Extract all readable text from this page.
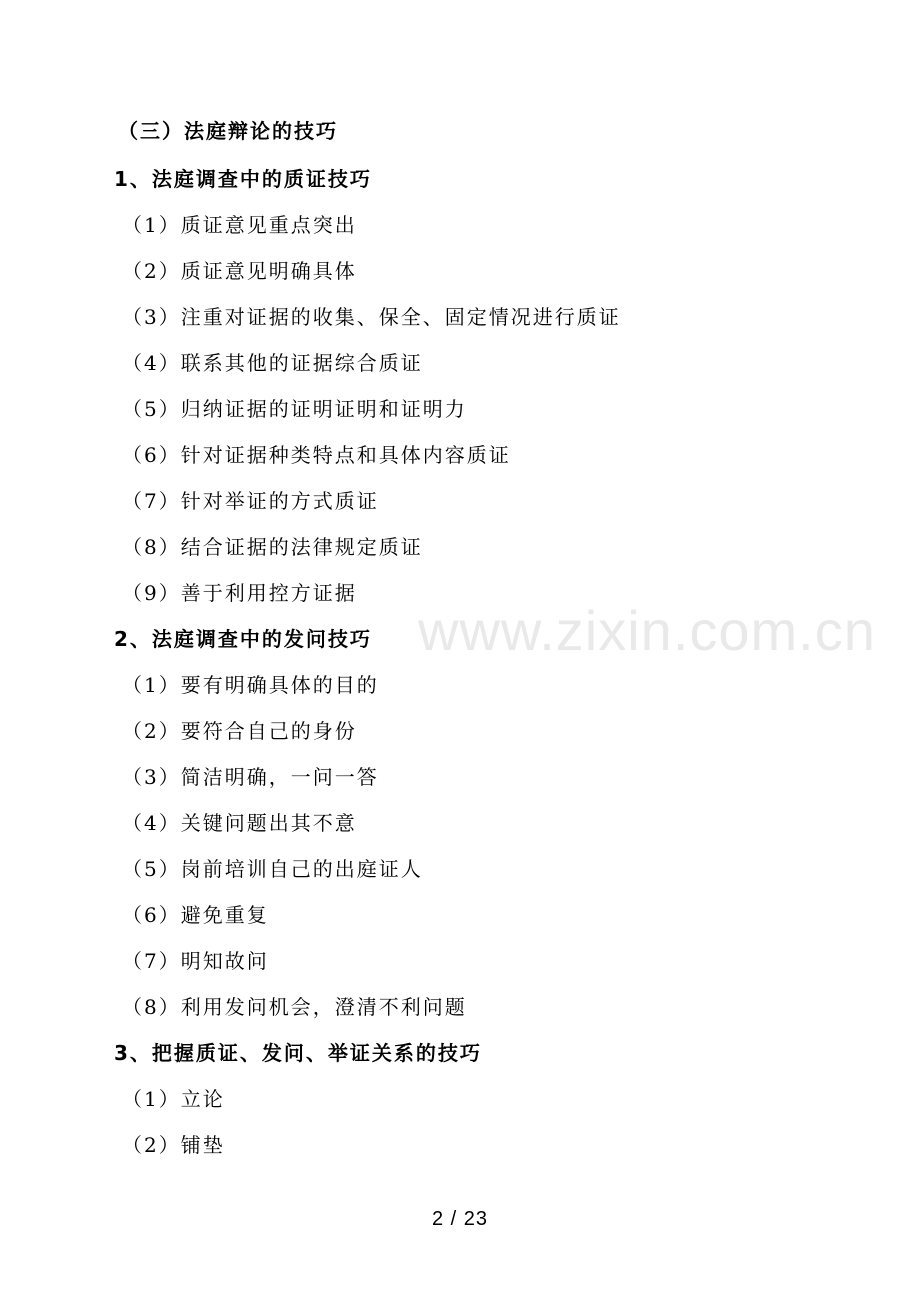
www.zixin.com.cn
（三）法庭辩论的技巧
1、法庭调查中的质证技巧
（1）质证意见重点突出
（2）质证意见明确具体
（3）注重对证据的收集、保全、固定情况进行质证
（4）联系其他的证据综合质证
（5）归纳证据的证明证明和证明力
（6）针对证据种类特点和具体内容质证
（7）针对举证的方式质证
（8）结合证据的法律规定质证
（9）善于利用控方证据
2、法庭调查中的发问技巧
（1）要有明确具体的目的
（2）要符合自己的身份
（3）简洁明确，一问一答
（4）关键问题出其不意
（5）岗前培训自己的出庭证人
（6）避免重复
（7）明知故问
（8）利用发问机会，澄清不利问题
3、把握质证、发问、举证关系的技巧
（1）立论
（2）铺垫
2 / 23
